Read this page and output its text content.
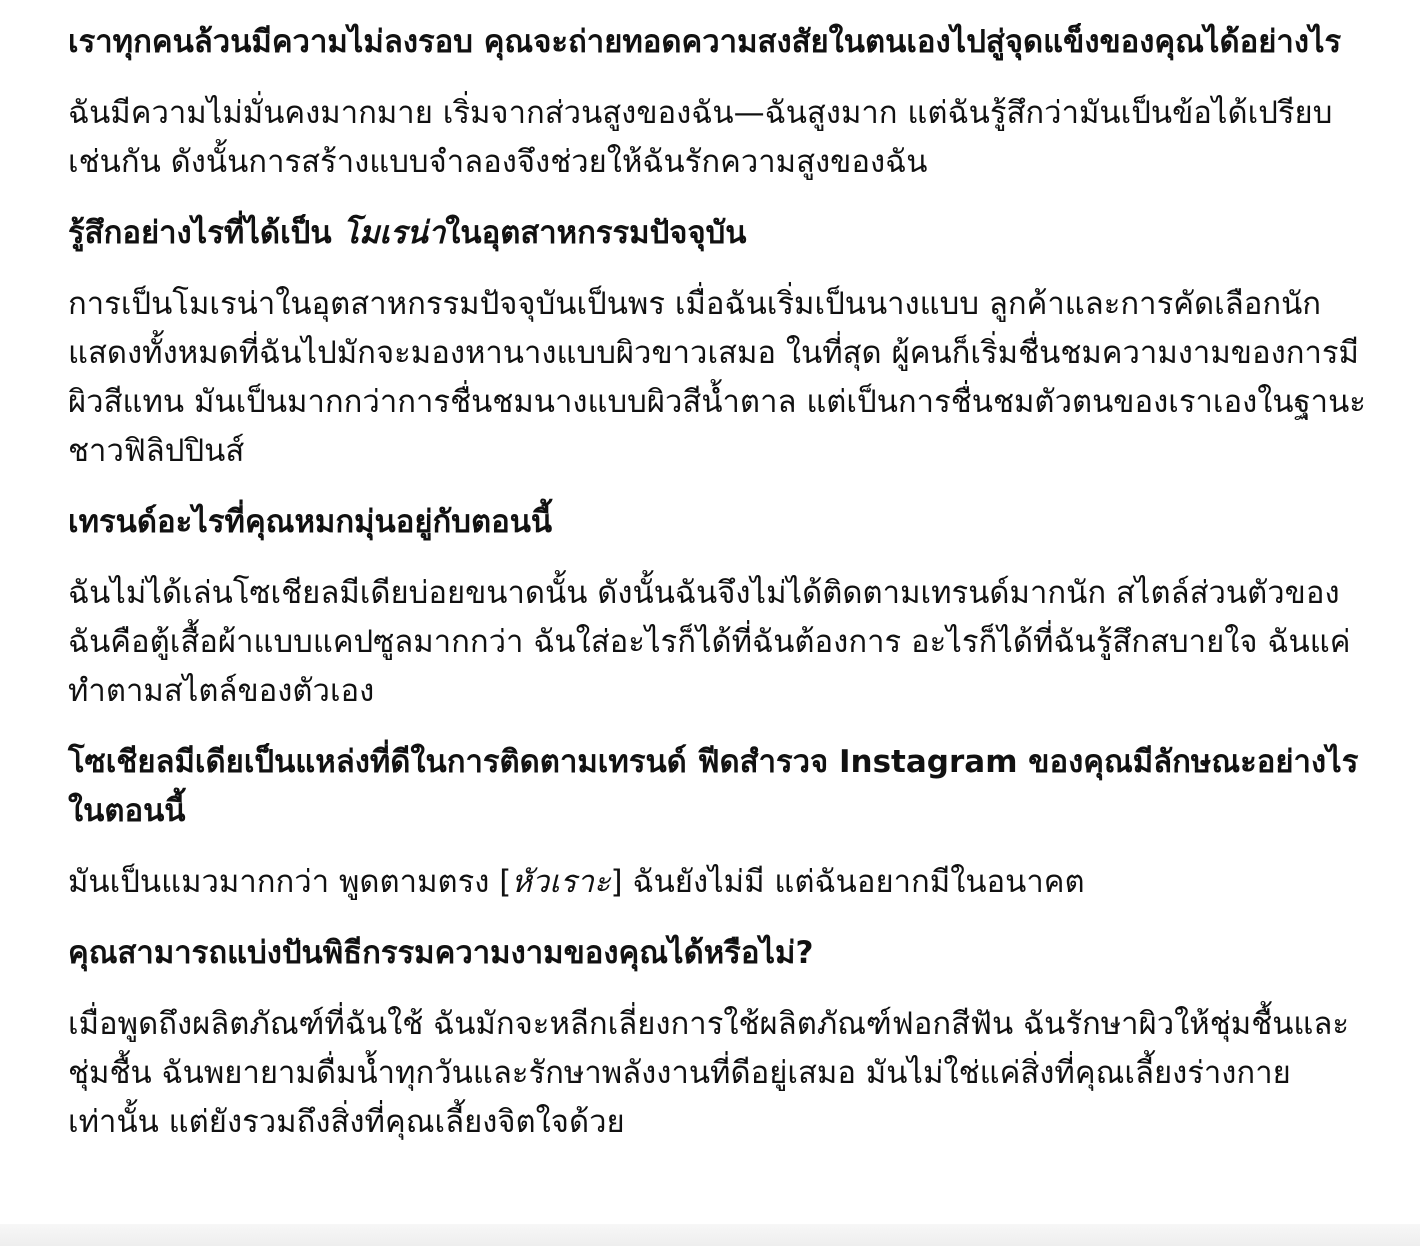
เราทุกคนล้วนมีความไม่ลงรอบ คุณจะถ่ายทอดความสงสัยในตนเองไปสู่จุดแข็งของคุณได้อย่างไร

ฉันมีความไม่มั่นคงมากมาย เริ่มจากส่วนสูงของฉัน—ฉันสูงมาก แต่ฉันรู้สึกว่ามันเป็นข้อได้เปรียบเช่นกัน ดังนั้นการสร้างแบบจำลองจึงช่วยให้ฉันรักความสูงของฉัน

รู้สึกอย่างไรที่ได้เป็น โมเรน่าในอุตสาหกรรมปัจจุบัน

การเป็นโมเรน่าในอุตสาหกรรมปัจจุบันเป็นพร เมื่อฉันเริ่มเป็นนางแบบ ลูกค้าและการคัดเลือกนักแสดงทั้งหมดที่ฉันไปมักจะมองหานางแบบผิวขาวเสมอ ในที่สุด ผู้คนก็เริ่มชื่นชมความงามของการมีผิวสีแทน มันเป็นมากกว่าการชื่นชมนางแบบผิวสีน้ำตาล แต่เป็นการชื่นชมตัวตนของเราเองในฐานะชาวฟิลิปปินส์

เทรนด์อะไรที่คุณหมกมุ่นอยู่กับตอนนี้

ฉันไม่ได้เล่นโซเชียลมีเดียบ่อยขนาดนั้น ดังนั้นฉันจึงไม่ได้ติดตามเทรนด์มากนัก สไตล์ส่วนตัวของฉันคือตู้เสื้อผ้าแบบแคปซูลมากกว่า ฉันใส่อะไรก็ได้ที่ฉันต้องการ อะไรก็ได้ที่ฉันรู้สึกสบายใจ ฉันแค่ทำตามสไตล์ของตัวเอง

โซเชียลมีเดียเป็นแหล่งที่ดีในการติดตามเทรนด์ ฟีดสำรวจ Instagram ของคุณมีลักษณะอย่างไรในตอนนี้

มันเป็นแมวมากกว่า พูดตามตรง [หัวเราะ] ฉันยังไม่มี แต่ฉันอยากมีในอนาคต

คุณสามารถแบ่งปันพิธีกรรมความงามของคุณได้หรือไม่?

เมื่อพูดถึงผลิตภัณฑ์ที่ฉันใช้ ฉันมักจะหลีกเลี่ยงการใช้ผลิตภัณฑ์ฟอกสีฟัน ฉันรักษาผิวให้ชุ่มชื้นและชุ่มชื้น ฉันพยายามดื่มน้ำทุกวันและรักษาพลังงานที่ดีอยู่เสมอ มันไม่ใช่แค่สิ่งที่คุณเลี้ยงร่างกายเท่านั้น แต่ยังรวมถึงสิ่งที่คุณเลี้ยงจิตใจด้วย
